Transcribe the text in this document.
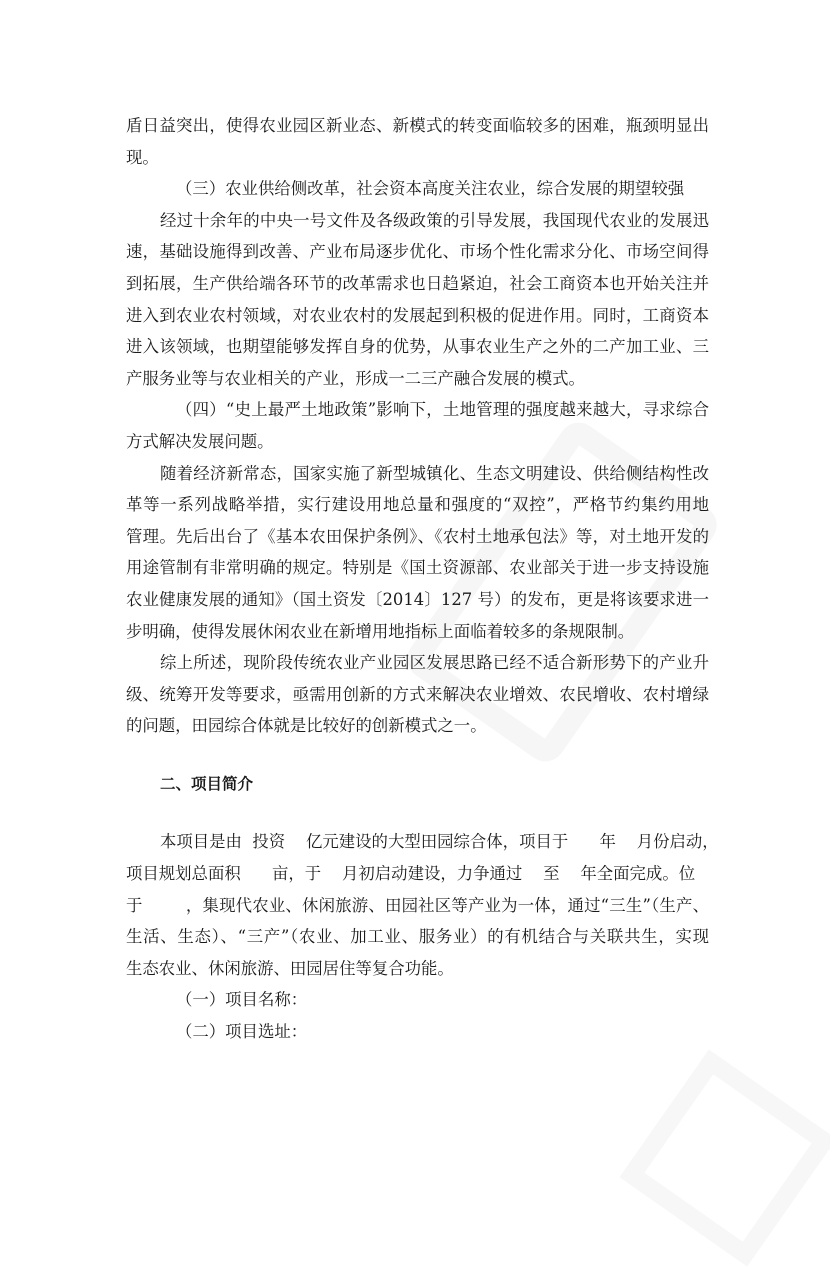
盾日益突出，使得农业园区新业态、新模式的转变面临较多的困难，瓶颈明显出
现。
（三）农业供给侧改革，社会资本高度关注农业，综合发展的期望较强
经过十余年的中央一号文件及各级政策的引导发展，我国现代农业的发展迅
速，基础设施得到改善、产业布局逐步优化、市场个性化需求分化、市场空间得
到拓展，生产供给端各环节的改革需求也日趋紧迫，社会工商资本也开始关注并
进入到农业农村领域，对农业农村的发展起到积极的促进作用。同时，工商资本
进入该领域，也期望能够发挥自身的优势，从事农业生产之外的二产加工业、三
产服务业等与农业相关的产业，形成一二三产融合发展的模式。
（四）“史上最严土地政策”影响下，土地管理的强度越来越大，寻求综合
方式解决发展问题。
随着经济新常态，国家实施了新型城镇化、生态文明建设、供给侧结构性改
革等一系列战略举措，实行建设用地总量和强度的“双控”，严格节约集约用地
管理。先后出台了《基本农田保护条例》、《农村土地承包法》等，对土地开发的
用途管制有非常明确的规定。特别是《国土资源部、农业部关于进一步支持设施
农业健康发展的通知》（国土资发〔2014〕127 号）的发布，更是将该要求进一
步明确，使得发展休闲农业在新增用地指标上面临着较多的条规限制。
综上所述，现阶段传统农业产业园区发展思路已经不适合新形势下的产业升
级、统筹开发等要求，亟需用创新的方式来解决农业增效、农民增收、农村增绿
的问题，田园综合体就是比较好的创新模式之一。
二、项目简介
本项目是由  投资    亿元建设的大型田园综合体，项目于      年    月份启动，
项目规划总面积      亩，于    月初启动建设，力争通过    至    年全面完成。位
于        ，集现代农业、休闲旅游、田园社区等产业为一体，通过“三生”（生产、
生活、生态）、“三产”（农业、加工业、服务业）的有机结合与关联共生，实现
生态农业、休闲旅游、田园居住等复合功能。
（一）项目名称：
（二）项目选址：
